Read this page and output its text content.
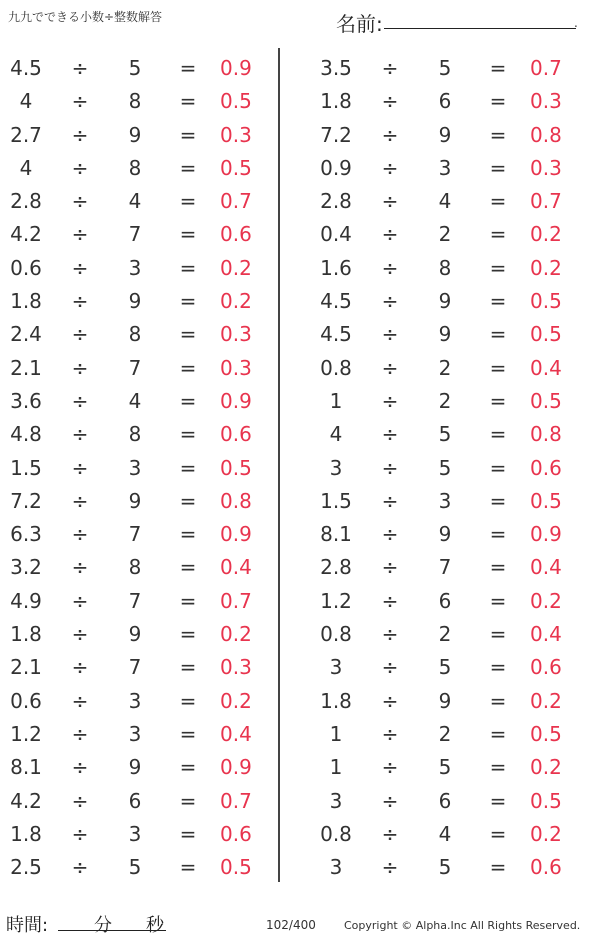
九九でできる小数÷整数解答	名前:	.
4.5 ÷ 5 = 0.9
4	÷ 8 = 0.5
2.7 ÷ 9 = 0.3
4	÷ 8 = 0.5
2.8 ÷ 4 = 0.7
4.2 ÷ 7 = 0.6
0.6 ÷ 3 = 0.2
1.8 ÷ 9 = 0.2
2.4 ÷ 8 = 0.3
2.1 ÷ 7 = 0.3
3.6 ÷ 4 = 0.9
4.8 ÷ 8 = 0.6
1.5 ÷ 3 = 0.5
7.2 ÷ 9 = 0.8
6.3 ÷ 7 = 0.9
3.2 ÷ 8 = 0.4
4.9 ÷ 7 = 0.7
1.8 ÷ 9 = 0.2
2.1 ÷ 7 = 0.3
0.6 ÷ 3 = 0.2
1.2 ÷ 3 = 0.4
8.1 ÷ 9 = 0.9
4.2 ÷ 6 = 0.7
1.8 ÷ 3 = 0.6
2.5 ÷ 5 = 0.5
3.5 ÷ 5 = 0.7
1.8 ÷ 6 = 0.3
7.2 ÷ 9 = 0.8
0.9 ÷ 3 = 0.3
2.8 ÷ 4 = 0.7
0.4 ÷ 2 = 0.2
1.6 ÷ 8 = 0.2
4.5 ÷ 9 = 0.5
4.5 ÷ 9 = 0.5
0.8 ÷ 2 = 0.4
1	÷ 2 = 0.5
4	÷ 5 = 0.8
3	÷ 5 = 0.6
1.5 ÷ 3 = 0.5
8.1 ÷ 9 = 0.9
2.8 ÷ 7 = 0.4
1.2 ÷ 6 = 0.2
0.8 ÷ 2 = 0.4
3	÷ 5 = 0.6
1.8 ÷ 9 = 0.2
1	÷ 2 = 0.5
1	÷ 5 = 0.2
3	÷ 6 = 0.5
0.8 ÷ 4 = 0.2
3	÷ 5 = 0.6
時間:	分 秒	102/400	Copyright © Alpha.Inc All Rights Reserved.
